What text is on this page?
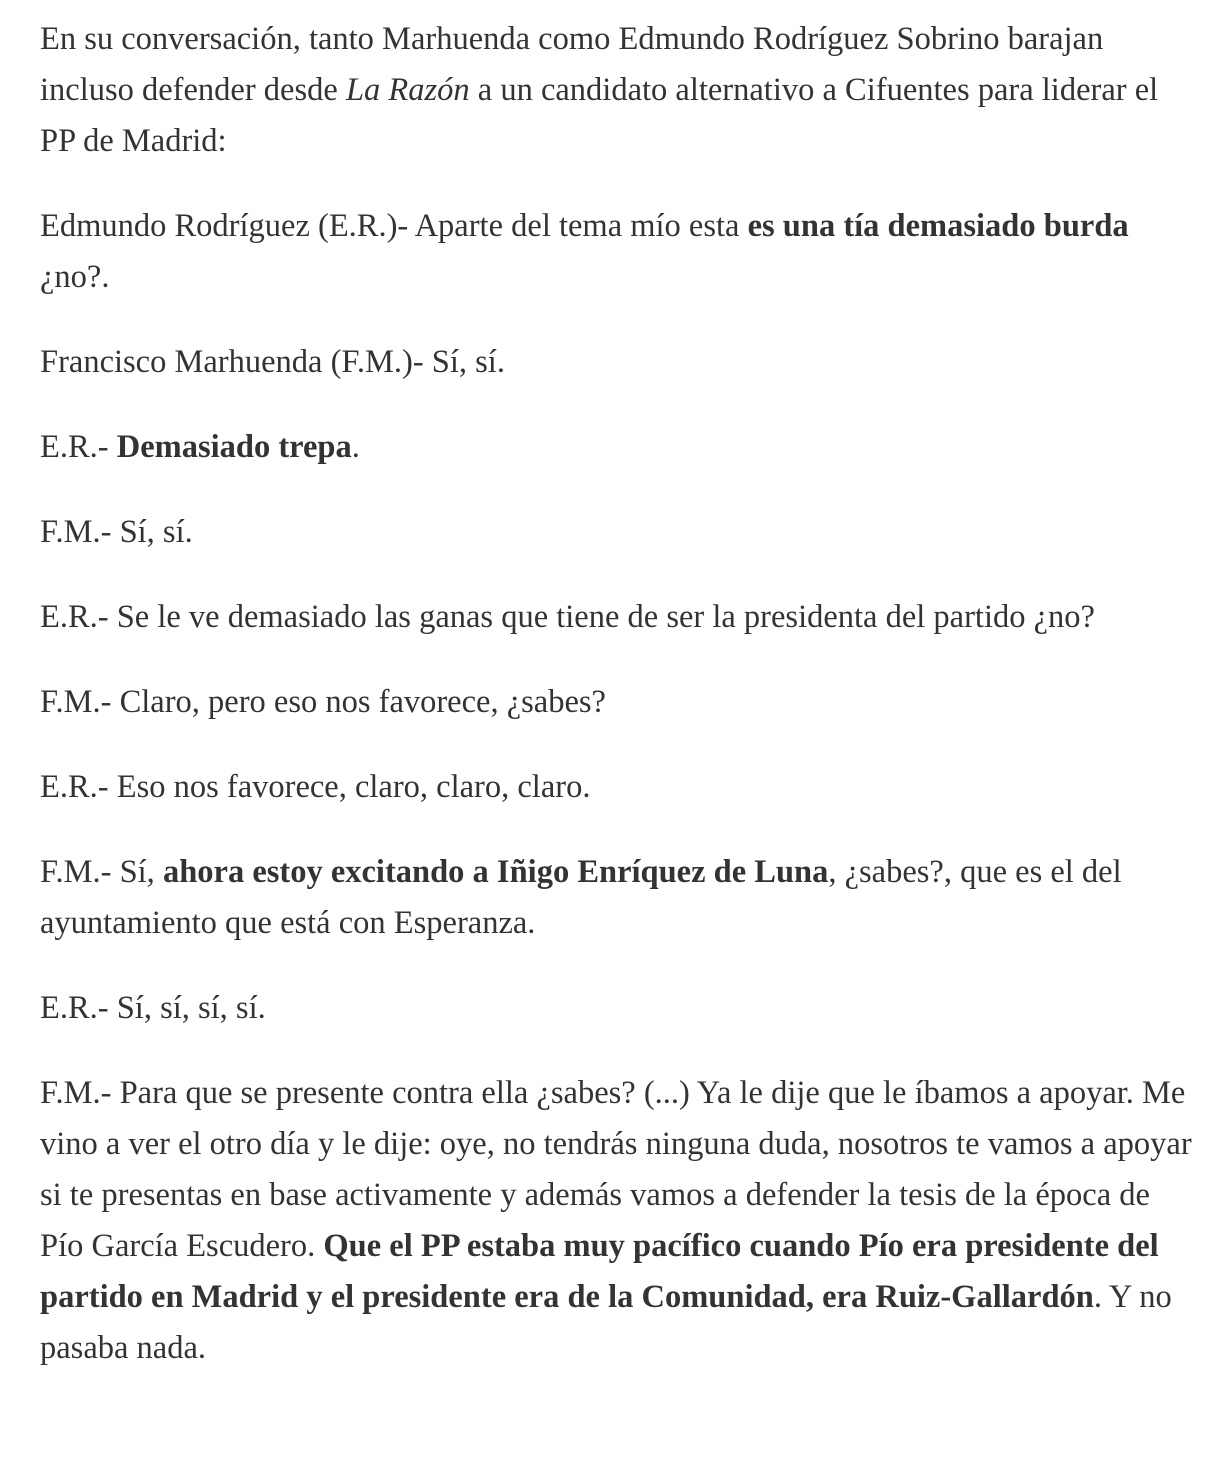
En su conversación, tanto Marhuenda como Edmundo Rodríguez Sobrino barajan incluso defender desde La Razón a un candidato alternativo a Cifuentes para liderar el PP de Madrid:

Edmundo Rodríguez (E.R.)- Aparte del tema mío esta es una tía demasiado burda ¿no?.

Francisco Marhuenda (F.M.)- Sí, sí.

E.R.- Demasiado trepa.

F.M.- Sí, sí.

E.R.- Se le ve demasiado las ganas que tiene de ser la presidenta del partido ¿no?

F.M.- Claro, pero eso nos favorece, ¿sabes?

E.R.- Eso nos favorece, claro, claro, claro.

F.M.- Sí, ahora estoy excitando a Iñigo Enríquez de Luna, ¿sabes?, que es el del ayuntamiento que está con Esperanza.

E.R.- Sí, sí, sí, sí.

F.M.- Para que se presente contra ella ¿sabes? (...) Ya le dije que le íbamos a apoyar. Me vino a ver el otro día y le dije: oye, no tendrás ninguna duda, nosotros te vamos a apoyar si te presentas en base activamente y además vamos a defender la tesis de la época de Pío García Escudero. Que el PP estaba muy pacífico cuando Pío era presidente del partido en Madrid y el presidente era de la Comunidad, era Ruiz-Gallardón. Y no pasaba nada.
